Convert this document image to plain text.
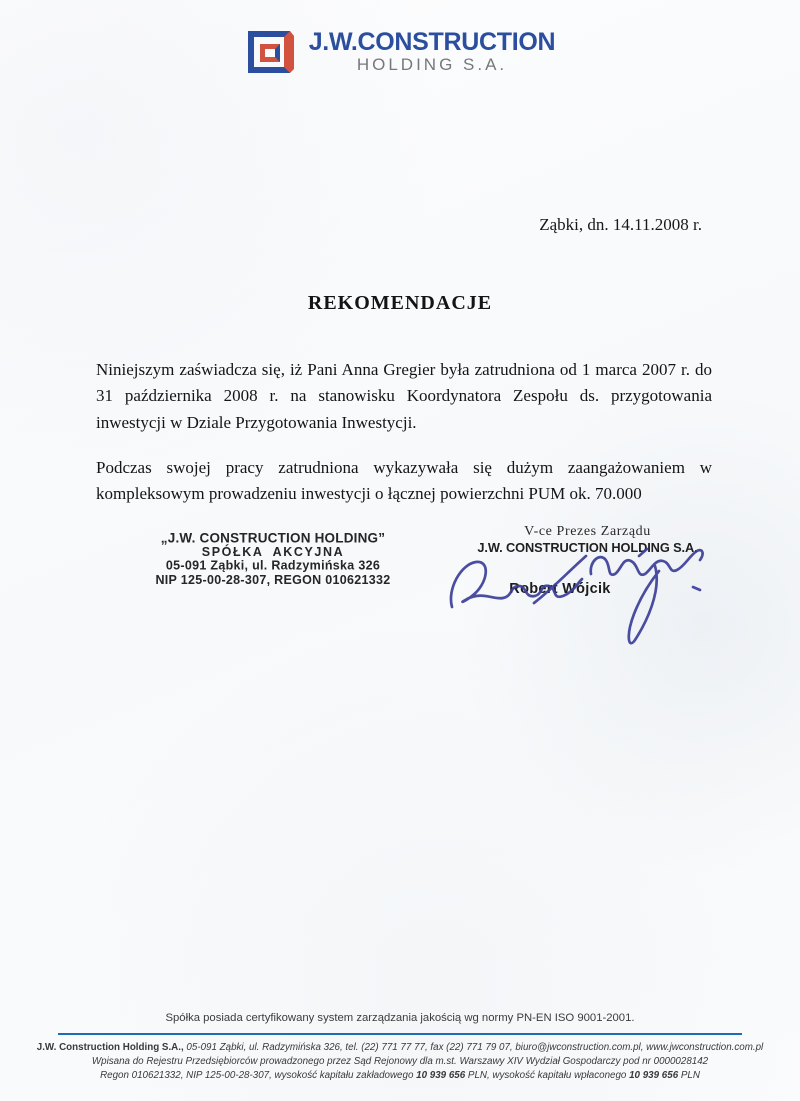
J.W.CONSTRUCTION
HOLDING S.A.
Ząbki, dn. 14.11.2008 r.
REKOMENDACJE

Niniejszym zaświadcza się, iż Pani Anna Gregier była zatrudniona od 1 marca 2007 r. do 31 października 2008 r. na stanowisku Koordynatora Zespołu ds. przygotowania inwestycji w Dziale Przygotowania Inwestycji.

Podczas swojej pracy zatrudniona wykazywała się dużym zaangażowaniem w kompleksowym prowadzeniu inwestycji o łącznej powierzchni PUM ok. 70.000

„J.W. CONSTRUCTION HOLDING”
SPÓŁKA AKCYJNA
05-091 Ząbki, ul. Radzymińska 326
NIP 125-00-28-307, REGON 010621332
V-ce Prezes Zarządu
J.W. CONSTRUCTION HOLDING S.A.
Robert Wójcik
Spółka posiada certyfikowany system zarządzania jakością wg normy PN-EN ISO 9001-2001.
J.W. Construction Holding S.A., 05-091 Ząbki, ul. Radzymińska 326, tel. (22) 771 77 77, fax (22) 771 79 07, biuro@jwconstruction.com.pl, www.jwconstruction.com.pl
Wpisana do Rejestru Przedsiębiorców prowadzonego przez Sąd Rejonowy dla m.st. Warszawy XIV Wydział Gospodarczy pod nr 0000028142
Regon 010621332, NIP 125-00-28-307, wysokość kapitału zakładowego 10 939 656 PLN, wysokość kapitału wpłaconego 10 939 656 PLN
